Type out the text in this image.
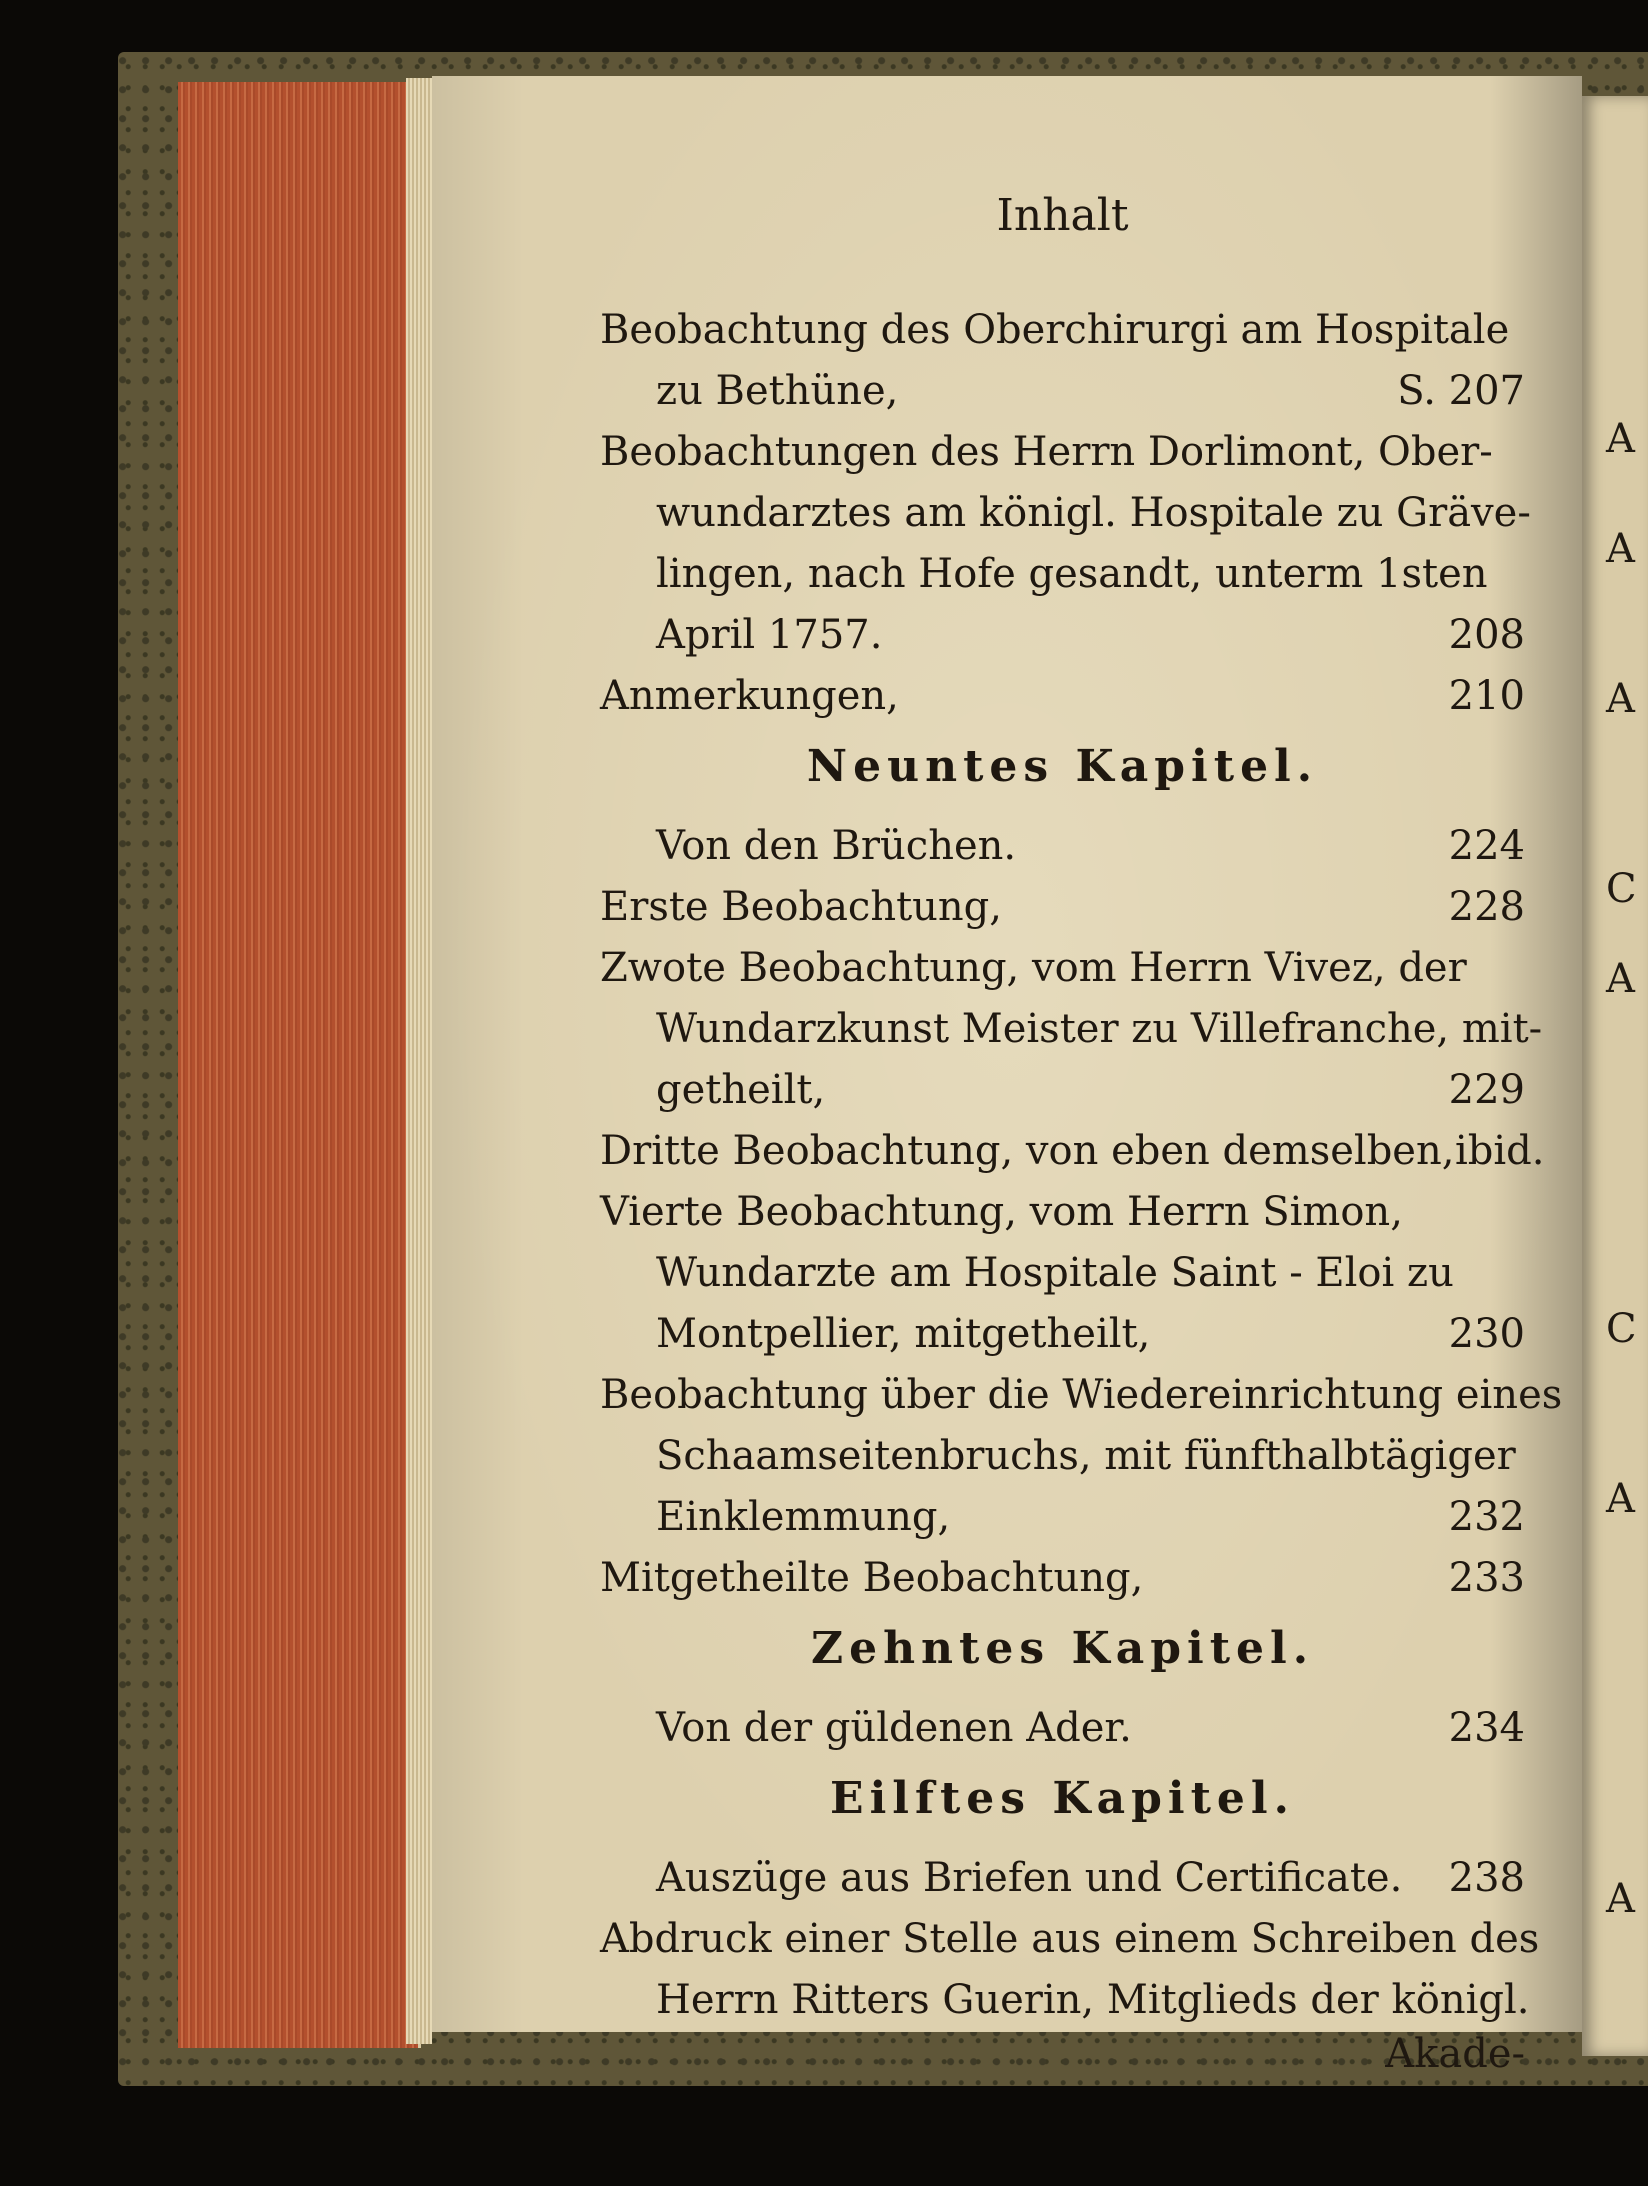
A
A
A
C
A
C
A
A
Inhalt
Beobachtung des Oberchirurgi am Hospitale
zu Bethüne,	S. 207
Beobachtungen des Herrn Dorlimont, Ober-
wundarztes am königl. Hospitale zu Gräve-
lingen, nach Hofe gesandt, unterm 1sten
April 1757.	208
Anmerkungen,	210
Neuntes Kapitel.
Von den Brüchen.	224
Erste Beobachtung,	228
Zwote Beobachtung, vom Herrn Vivez, der
Wundarzkunst Meister zu Villefranche, mit-
getheilt,	229
Dritte Beobachtung, von eben demselben, ibid.
Vierte Beobachtung, vom Herrn Simon,
Wundarzte am Hospitale Saint - Eloi zu
Montpellier, mitgetheilt,	230
Beobachtung über die Wiedereinrichtung eines
Schaamseitenbruchs, mit fünfthalbtägiger
Einklemmung,	232
Mitgetheilte Beobachtung,	233
Zehntes Kapitel.
Von der güldenen Ader.	234
Eilftes Kapitel.
Auszüge aus Briefen und Certificate.	238
Abdruck einer Stelle aus einem Schreiben des
Herrn Ritters Guerin, Mitglieds der königl.
Akade-
